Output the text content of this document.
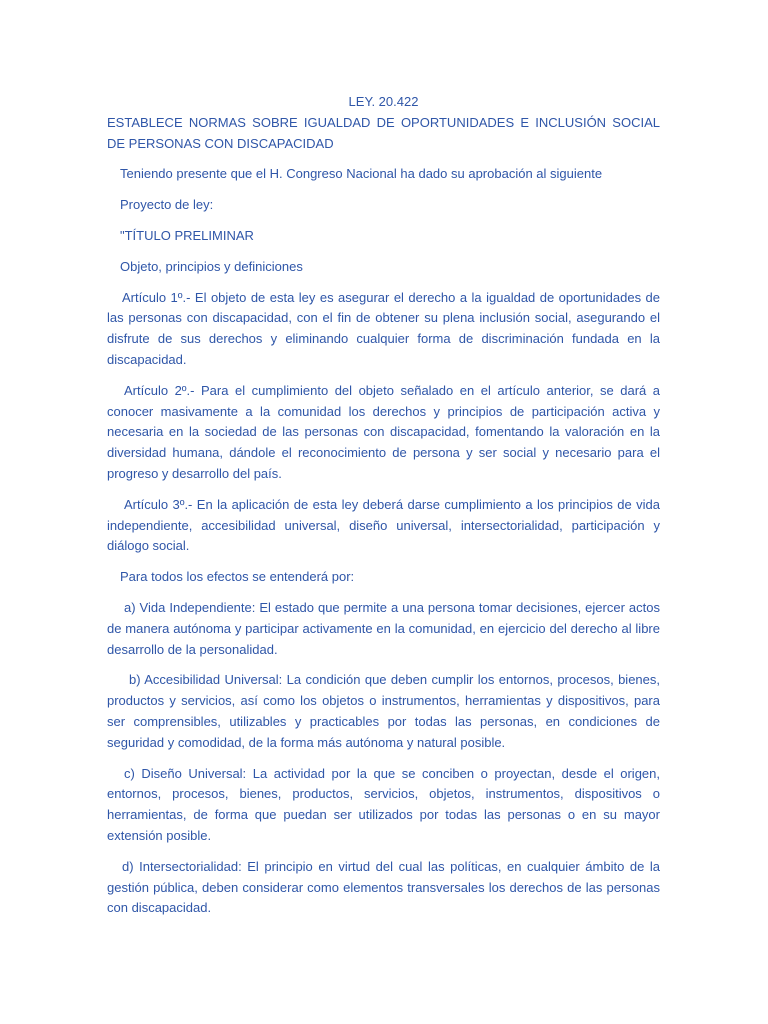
LEY. 20.422

ESTABLECE NORMAS SOBRE IGUALDAD DE OPORTUNIDADES E INCLUSIÓN SOCIAL DE PERSONAS CON DISCAPACIDAD

Teniendo presente que el H. Congreso Nacional ha dado su aprobación al siguiente

Proyecto de ley:

"TÍTULO PRELIMINAR

Objeto, principios y definiciones

Artículo 1º.- El objeto de esta ley es asegurar el derecho a la igualdad de oportunidades de las personas con discapacidad, con el fin de obtener su plena inclusión social, asegurando el disfrute de sus derechos y eliminando cualquier forma de discriminación fundada en la discapacidad.

Artículo 2º.- Para el cumplimiento del objeto señalado en el artículo anterior, se dará a conocer masivamente a la comunidad los derechos y principios de participación activa y necesaria en la sociedad de las personas con discapacidad, fomentando la valoración en la diversidad humana, dándole el reconocimiento de persona y ser social y necesario para el progreso y desarrollo del país.

Artículo 3º.- En la aplicación de esta ley deberá darse cumplimiento a los principios de vida independiente, accesibilidad universal, diseño universal, intersectorialidad, participación y diálogo social.

Para todos los efectos se entenderá por:

a) Vida Independiente: El estado que permite a una persona tomar decisiones, ejercer actos de manera autónoma y participar activamente en la comunidad, en ejercicio del derecho al libre desarrollo de la personalidad.

b) Accesibilidad Universal: La condición que deben cumplir los entornos, procesos, bienes, productos y servicios, así como los objetos o instrumentos, herramientas y dispositivos, para ser comprensibles, utilizables y practicables por todas las personas, en condiciones de seguridad y comodidad, de la forma más autónoma y natural posible.

c) Diseño Universal: La actividad por la que se conciben o proyectan, desde el origen, entornos, procesos, bienes, productos, servicios, objetos, instrumentos, dispositivos o herramientas, de forma que puedan ser utilizados por todas las personas o en su mayor extensión posible.

d) Intersectorialidad: El principio en virtud del cual las políticas, en cualquier ámbito de la gestión pública, deben considerar como elementos transversales los derechos de las personas con discapacidad.
